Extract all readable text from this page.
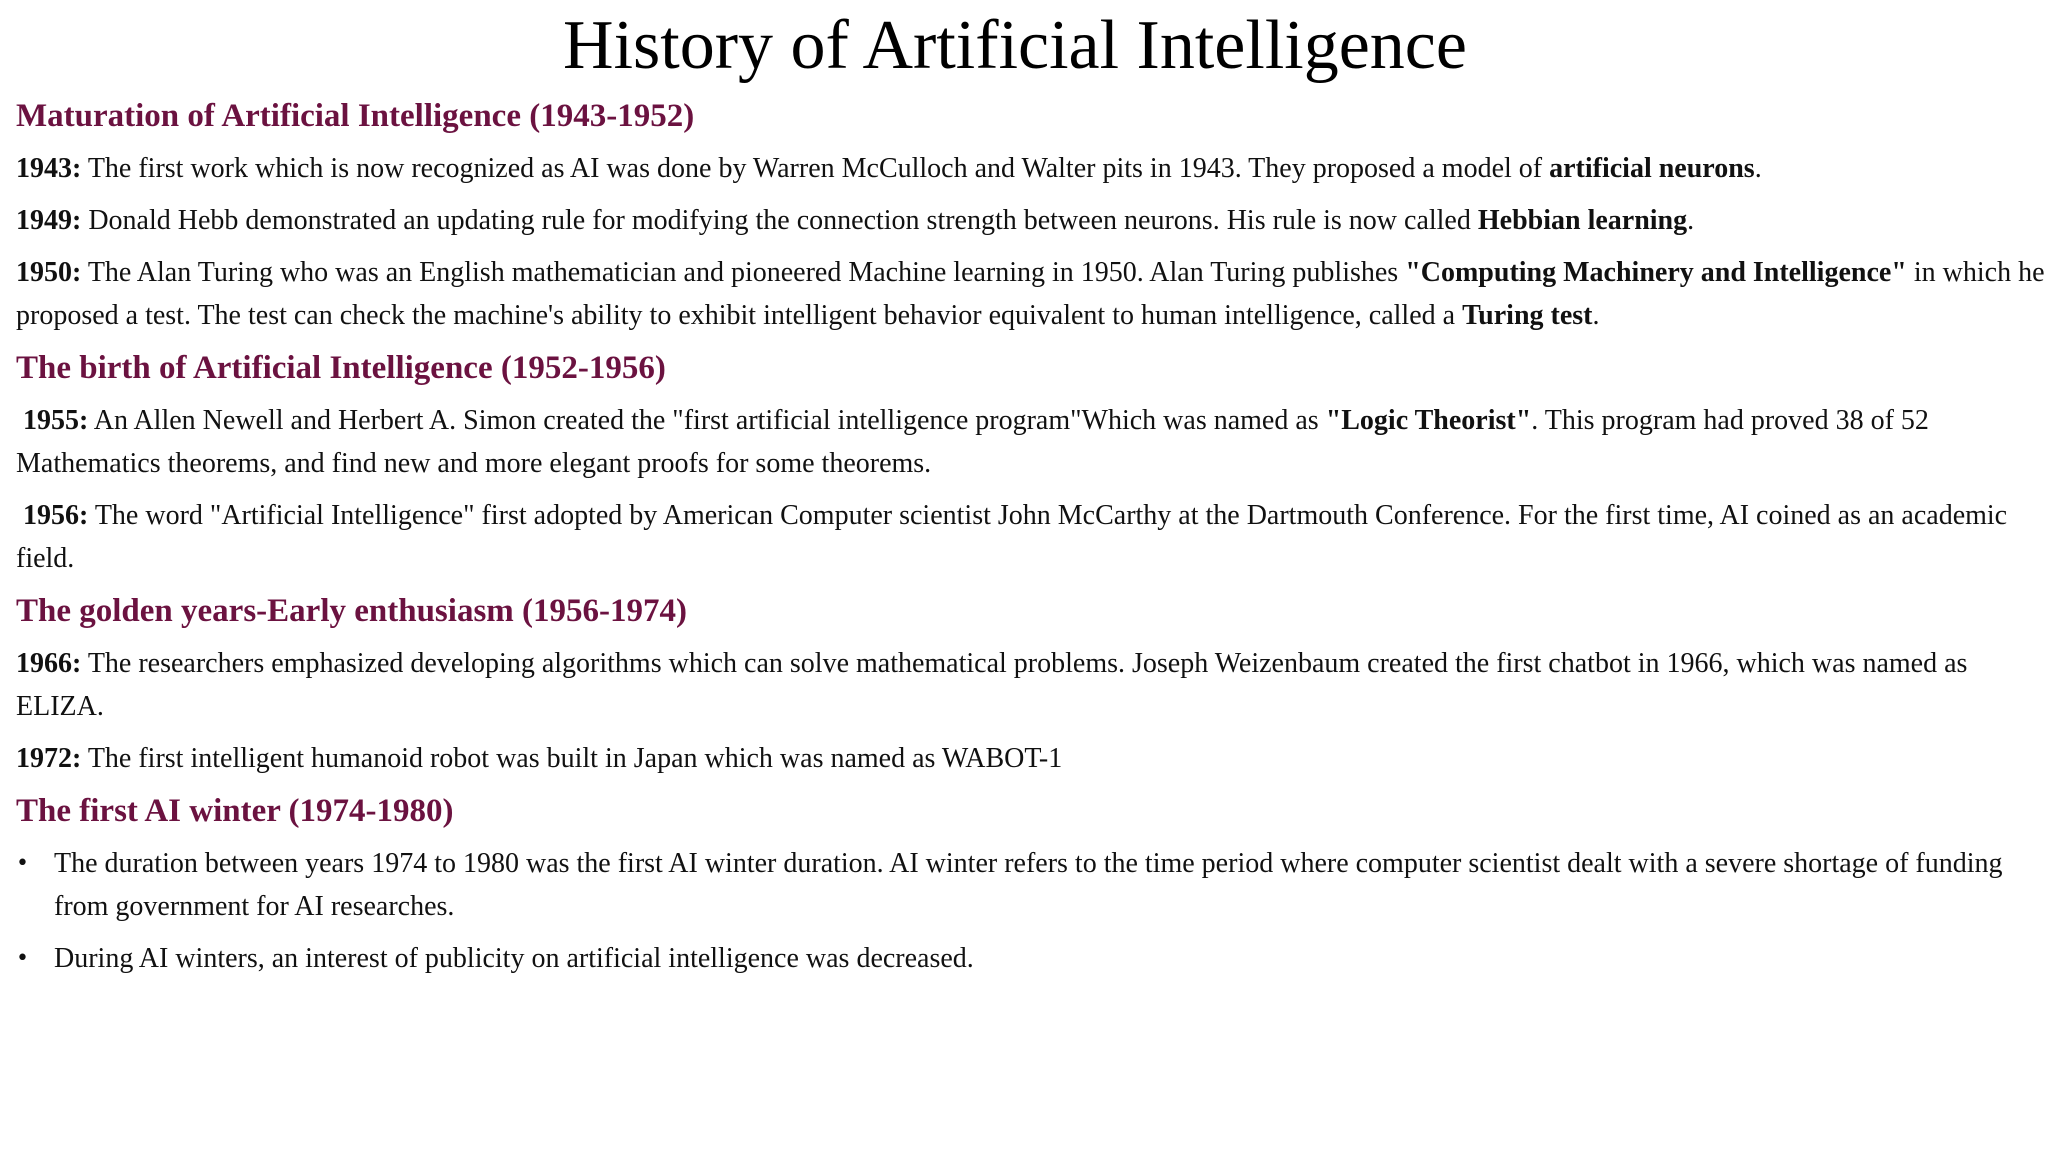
History of Artificial Intelligence
Maturation of Artificial Intelligence (1943-1952)

1943: The first work which is now recognized as AI was done by Warren McCulloch and Walter pits in 1943. They proposed a model of artificial neurons.

1949: Donald Hebb demonstrated an updating rule for modifying the connection strength between neurons. His rule is now called Hebbian learning.

1950: The Alan Turing who was an English mathematician and pioneered Machine learning in 1950. Alan Turing publishes "Computing Machinery and Intelligence" in which he proposed a test. The test can check the machine's ability to exhibit intelligent behavior equivalent to human intelligence, called a Turing test.

The birth of Artificial Intelligence (1952-1956)

1955: An Allen Newell and Herbert A. Simon created the "first artificial intelligence program"Which was named as "Logic Theorist". This program had proved 38 of 52 Mathematics theorems, and find new and more elegant proofs for some theorems.

1956: The word "Artificial Intelligence" first adopted by American Computer scientist John McCarthy at the Dartmouth Conference. For the first time, AI coined as an academic field.

The golden years-Early enthusiasm (1956-1974)

1966: The researchers emphasized developing algorithms which can solve mathematical problems. Joseph Weizenbaum created the first chatbot in 1966, which was named as ELIZA.

1972: The first intelligent humanoid robot was built in Japan which was named as WABOT-1

The first AI winter (1974-1980)
• The duration between years 1974 to 1980 was the first AI winter duration. AI winter refers to the time period where computer scientist dealt with a severe shortage of funding from government for AI researches.
• During AI winters, an interest of publicity on artificial intelligence was decreased.
